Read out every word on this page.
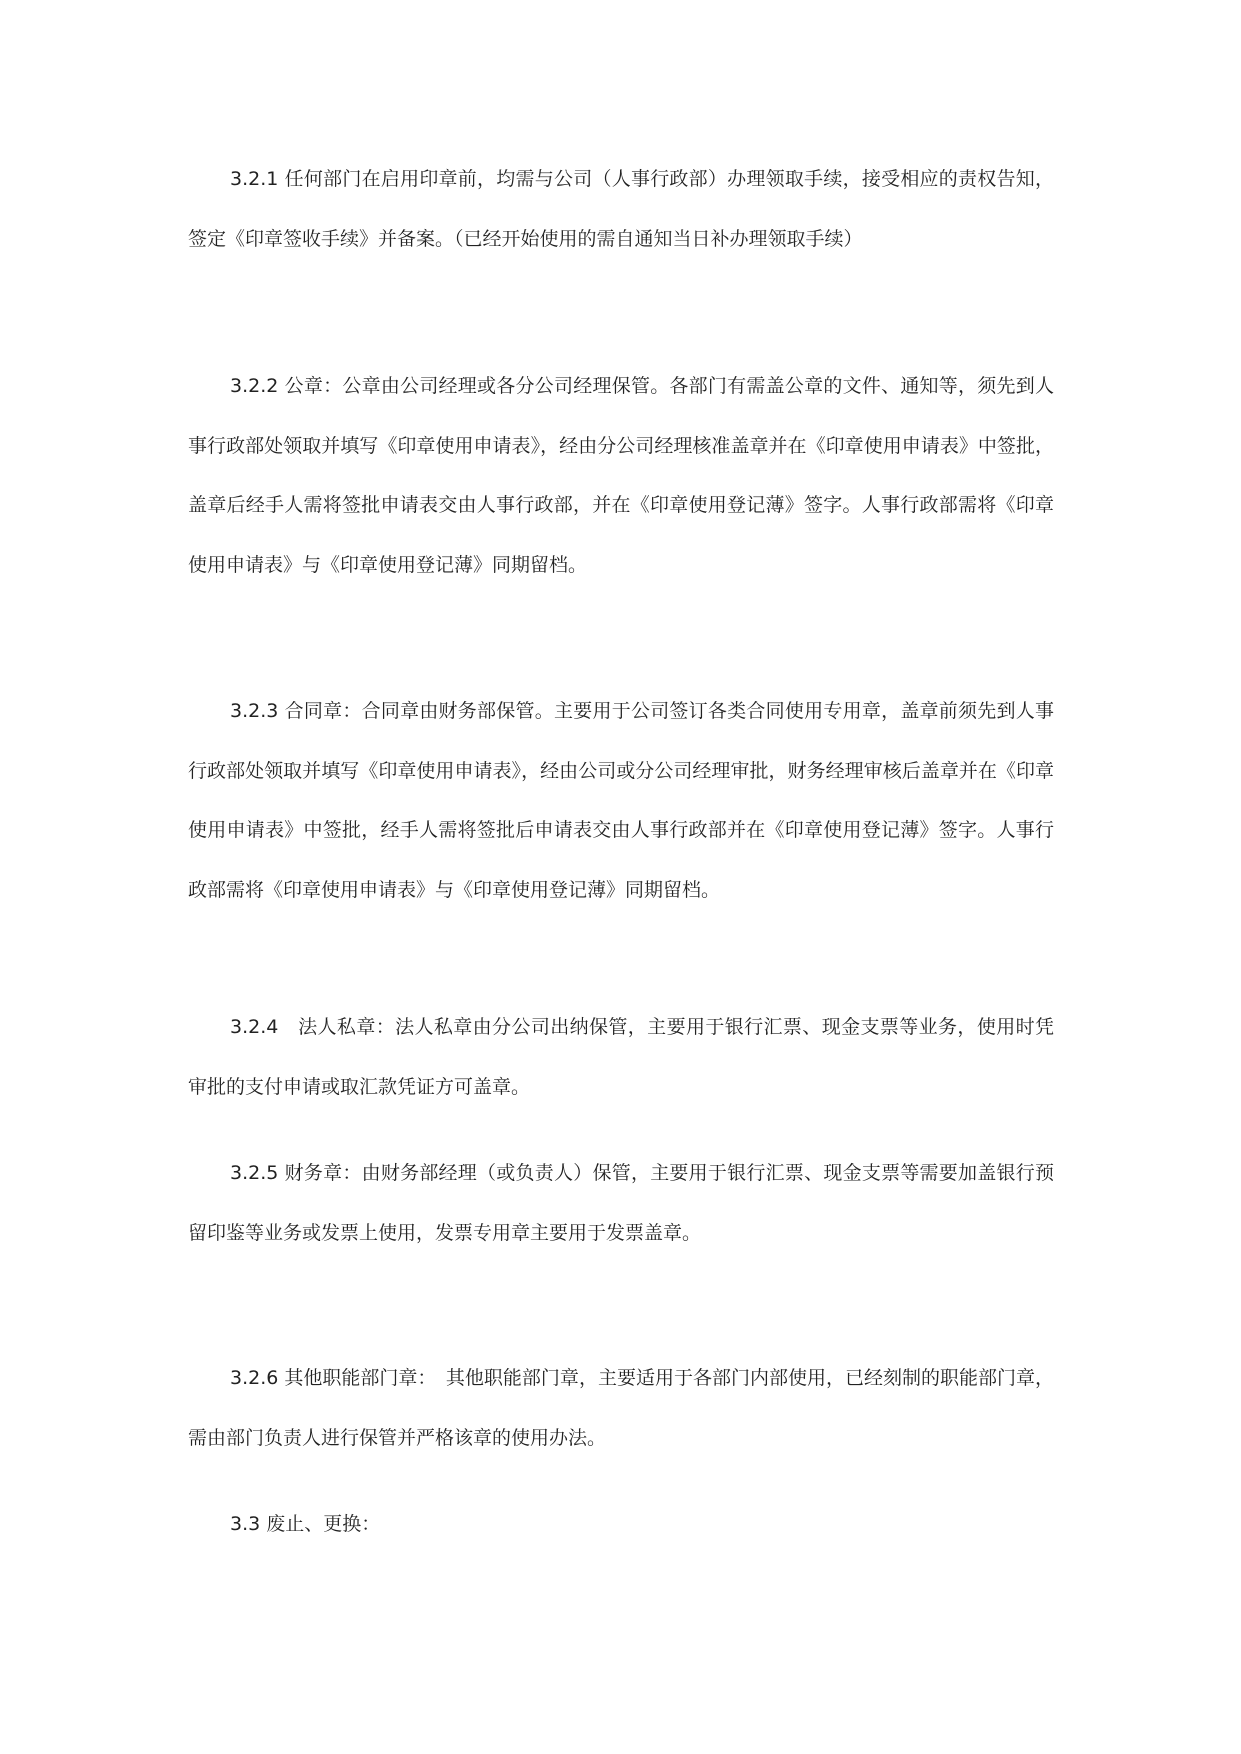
3.2.1 任何部门在启用印章前，均需与公司（人事行政部）办理领取手续，接受相应的责权告知，签定《印章签收手续》并备案。（已经开始使用的需自通知当日补办理领取手续）

3.2.2 公章：公章由公司经理或各分公司经理保管。各部门有需盖公章的文件、通知等，须先到人事行政部处领取并填写《印章使用申请表》，经由分公司经理核准盖章并在《印章使用申请表》中签批，盖章后经手人需将签批申请表交由人事行政部，并在《印章使用登记薄》签字。人事行政部需将《印章使用申请表》与《印章使用登记薄》同期留档。

3.2.3 合同章：合同章由财务部保管。主要用于公司签订各类合同使用专用章，盖章前须先到人事行政部处领取并填写《印章使用申请表》，经由公司或分公司经理审批，财务经理审核后盖章并在《印章使用申请表》中签批，经手人需将签批后申请表交由人事行政部并在《印章使用登记薄》签字。人事行政部需将《印章使用申请表》与《印章使用登记薄》同期留档。

3.2.4　法人私章：法人私章由分公司出纳保管，主要用于银行汇票、现金支票等业务，使用时凭审批的支付申请或取汇款凭证方可盖章。

3.2.5 财务章：由财务部经理（或负责人）保管，主要用于银行汇票、现金支票等需要加盖银行预留印鉴等业务或发票上使用，发票专用章主要用于发票盖章。

3.2.6 其他职能部门章：　其他职能部门章，主要适用于各部门内部使用，已经刻制的职能部门章，需由部门负责人进行保管并严格该章的使用办法。

3.3 废止、更换：
